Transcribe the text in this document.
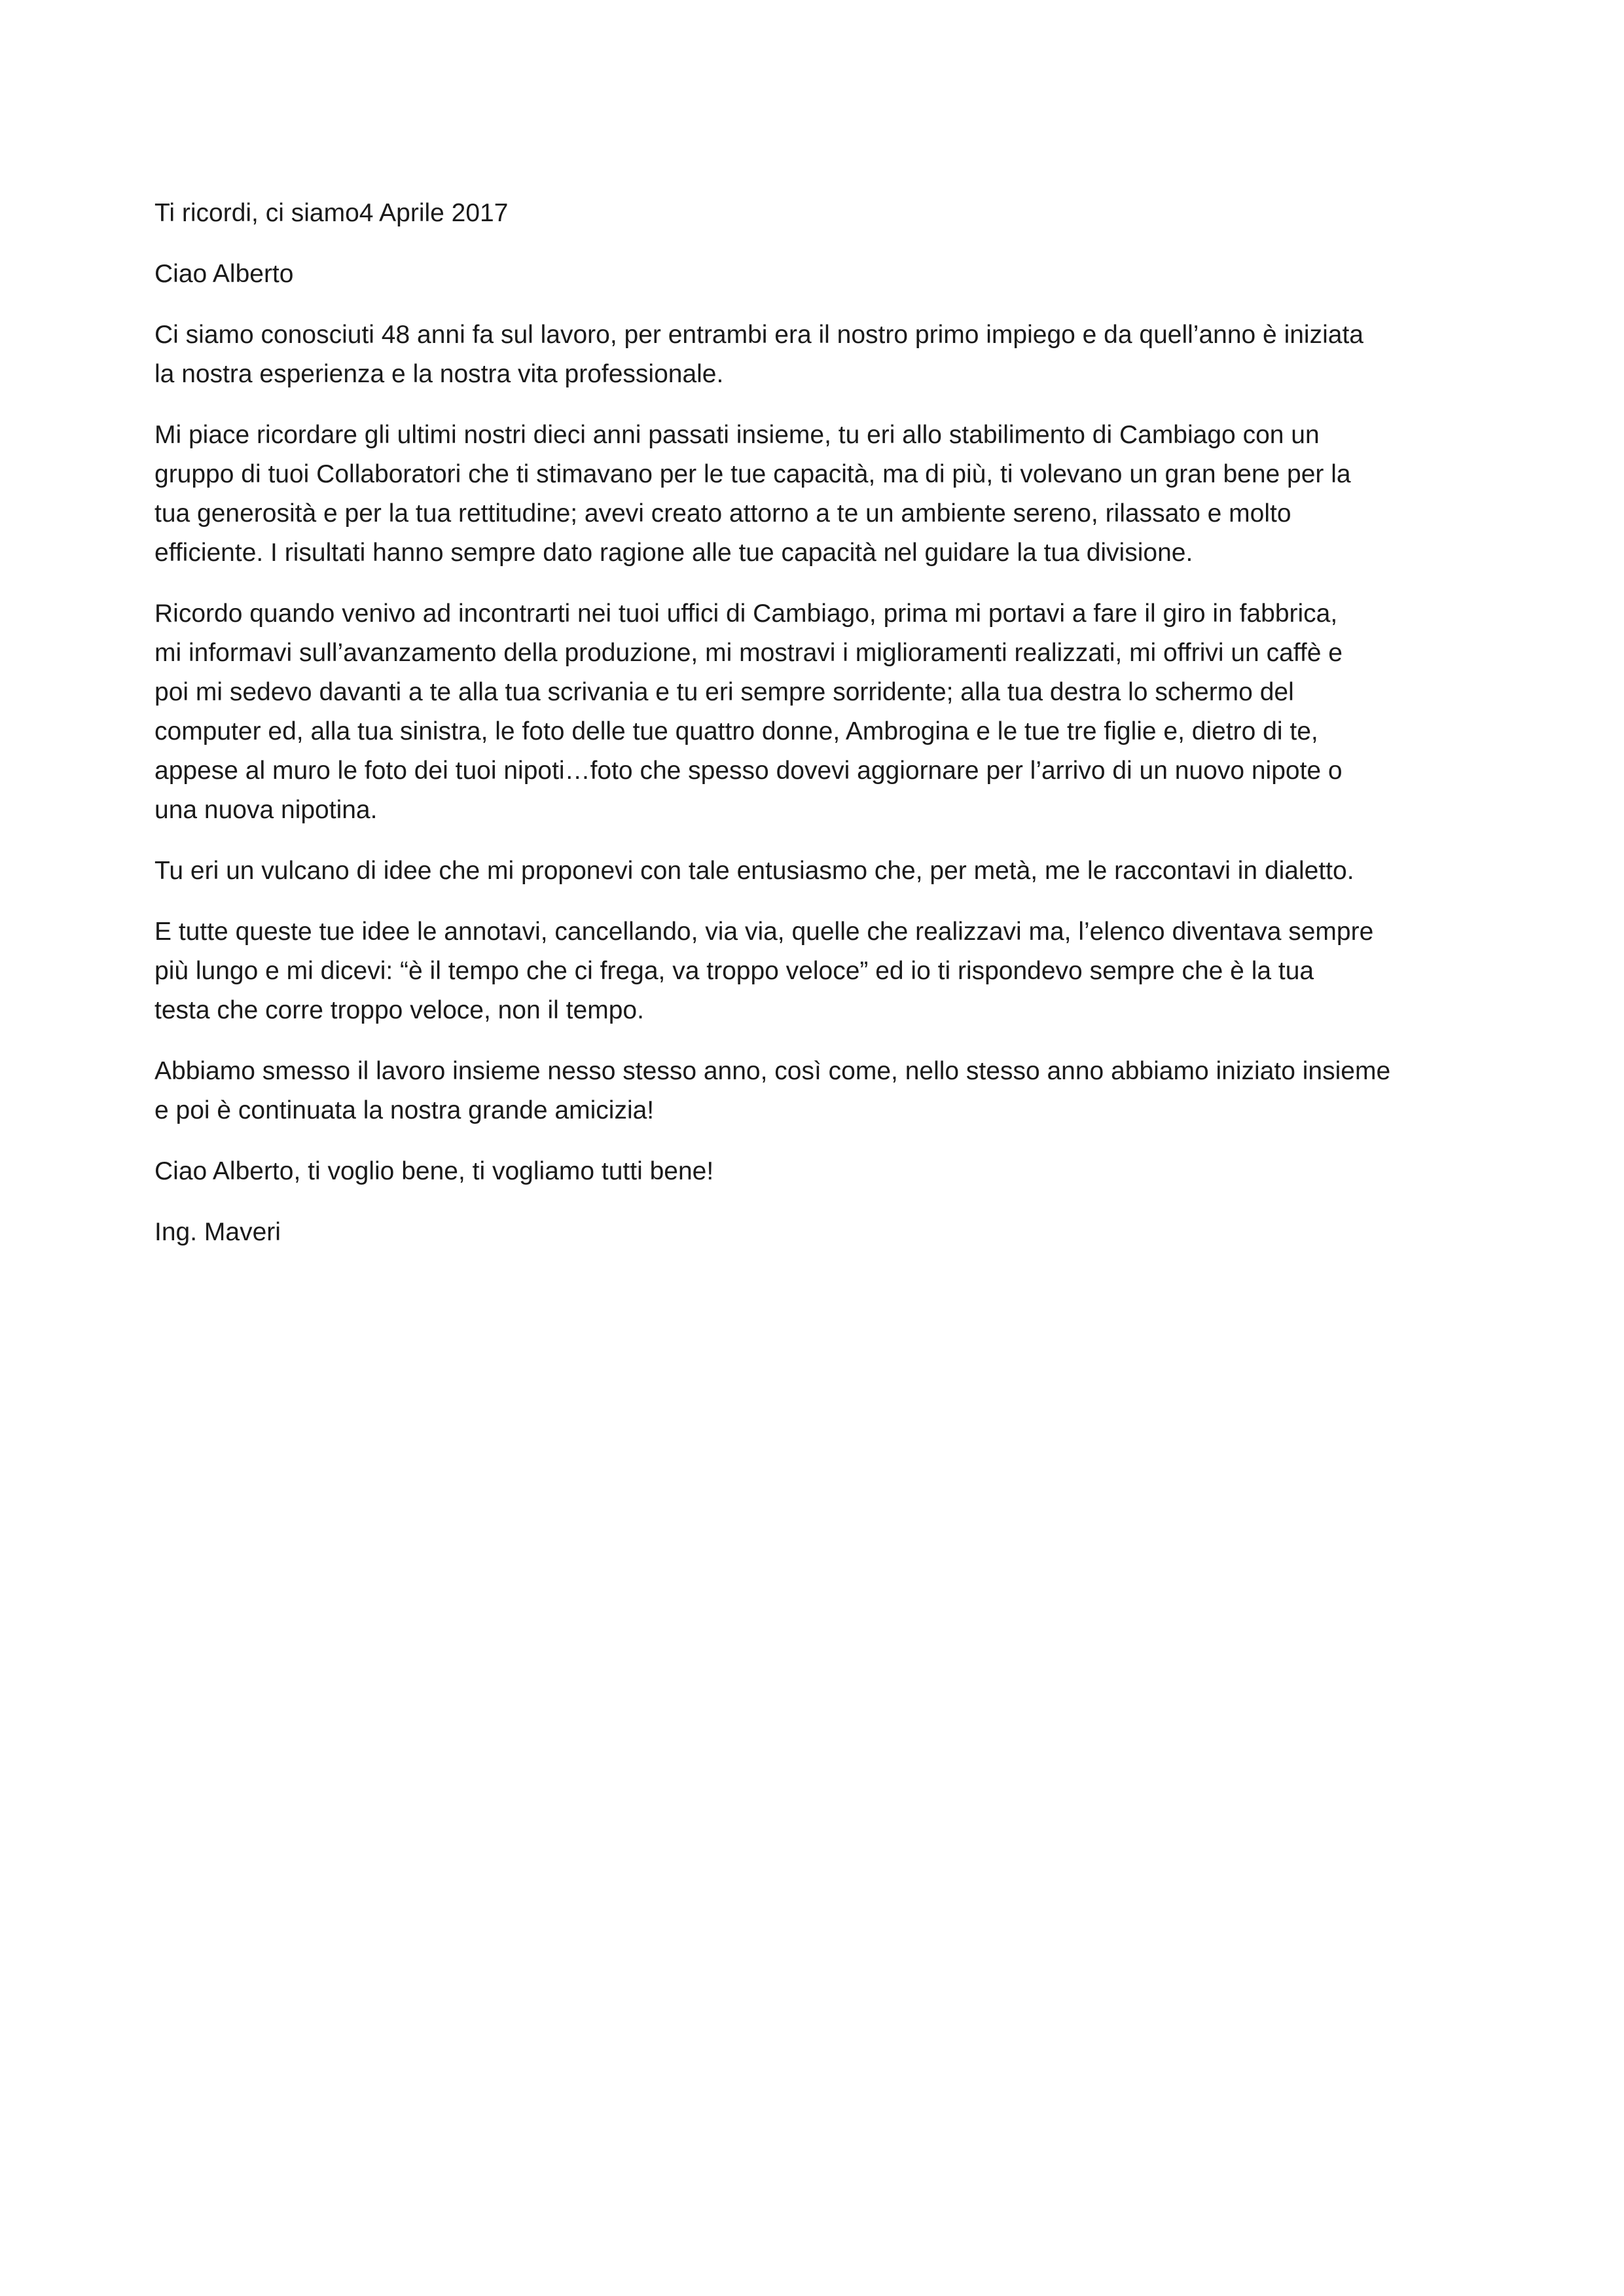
Ti ricordi, ci siamo4 Aprile 2017

Ciao Alberto

Ci siamo conosciuti 48 anni fa sul lavoro, per entrambi era il nostro primo impiego e da quell’anno è iniziata
la nostra esperienza e la nostra vita professionale.

Mi piace ricordare gli ultimi nostri dieci anni passati insieme, tu eri allo stabilimento di Cambiago con un
gruppo di tuoi Collaboratori che ti stimavano per le tue capacità, ma di più, ti volevano un gran bene per la
tua generosità e per la tua rettitudine; avevi creato attorno a te un ambiente sereno, rilassato e molto
efficiente. I risultati hanno sempre dato ragione alle tue capacità nel guidare la tua divisione.

Ricordo quando venivo ad incontrarti nei tuoi uffici di Cambiago, prima mi portavi a fare il giro in fabbrica,
mi informavi sull’avanzamento della produzione, mi mostravi i miglioramenti realizzati, mi offrivi un caffè e
poi mi sedevo davanti a te alla tua scrivania e tu eri sempre sorridente; alla tua destra lo schermo del
computer ed, alla tua sinistra, le foto delle tue quattro donne, Ambrogina e le tue tre figlie e, dietro di te,
appese al muro le foto dei tuoi nipoti…foto che spesso dovevi aggiornare per l’arrivo di un nuovo nipote o
una nuova nipotina.

Tu eri un vulcano di idee che mi proponevi con tale entusiasmo che, per metà, me le raccontavi in dialetto.

E tutte queste tue idee le annotavi, cancellando, via via, quelle che realizzavi ma, l’elenco diventava sempre
più lungo e mi dicevi: “è il tempo che ci frega, va troppo veloce” ed io ti rispondevo sempre che è la tua
testa che corre troppo veloce, non il tempo.

Abbiamo smesso il lavoro insieme nesso stesso anno, così come, nello stesso anno abbiamo iniziato insieme
e poi è continuata la nostra grande amicizia!

Ciao Alberto, ti voglio bene, ti vogliamo tutti bene!

Ing. Maveri
